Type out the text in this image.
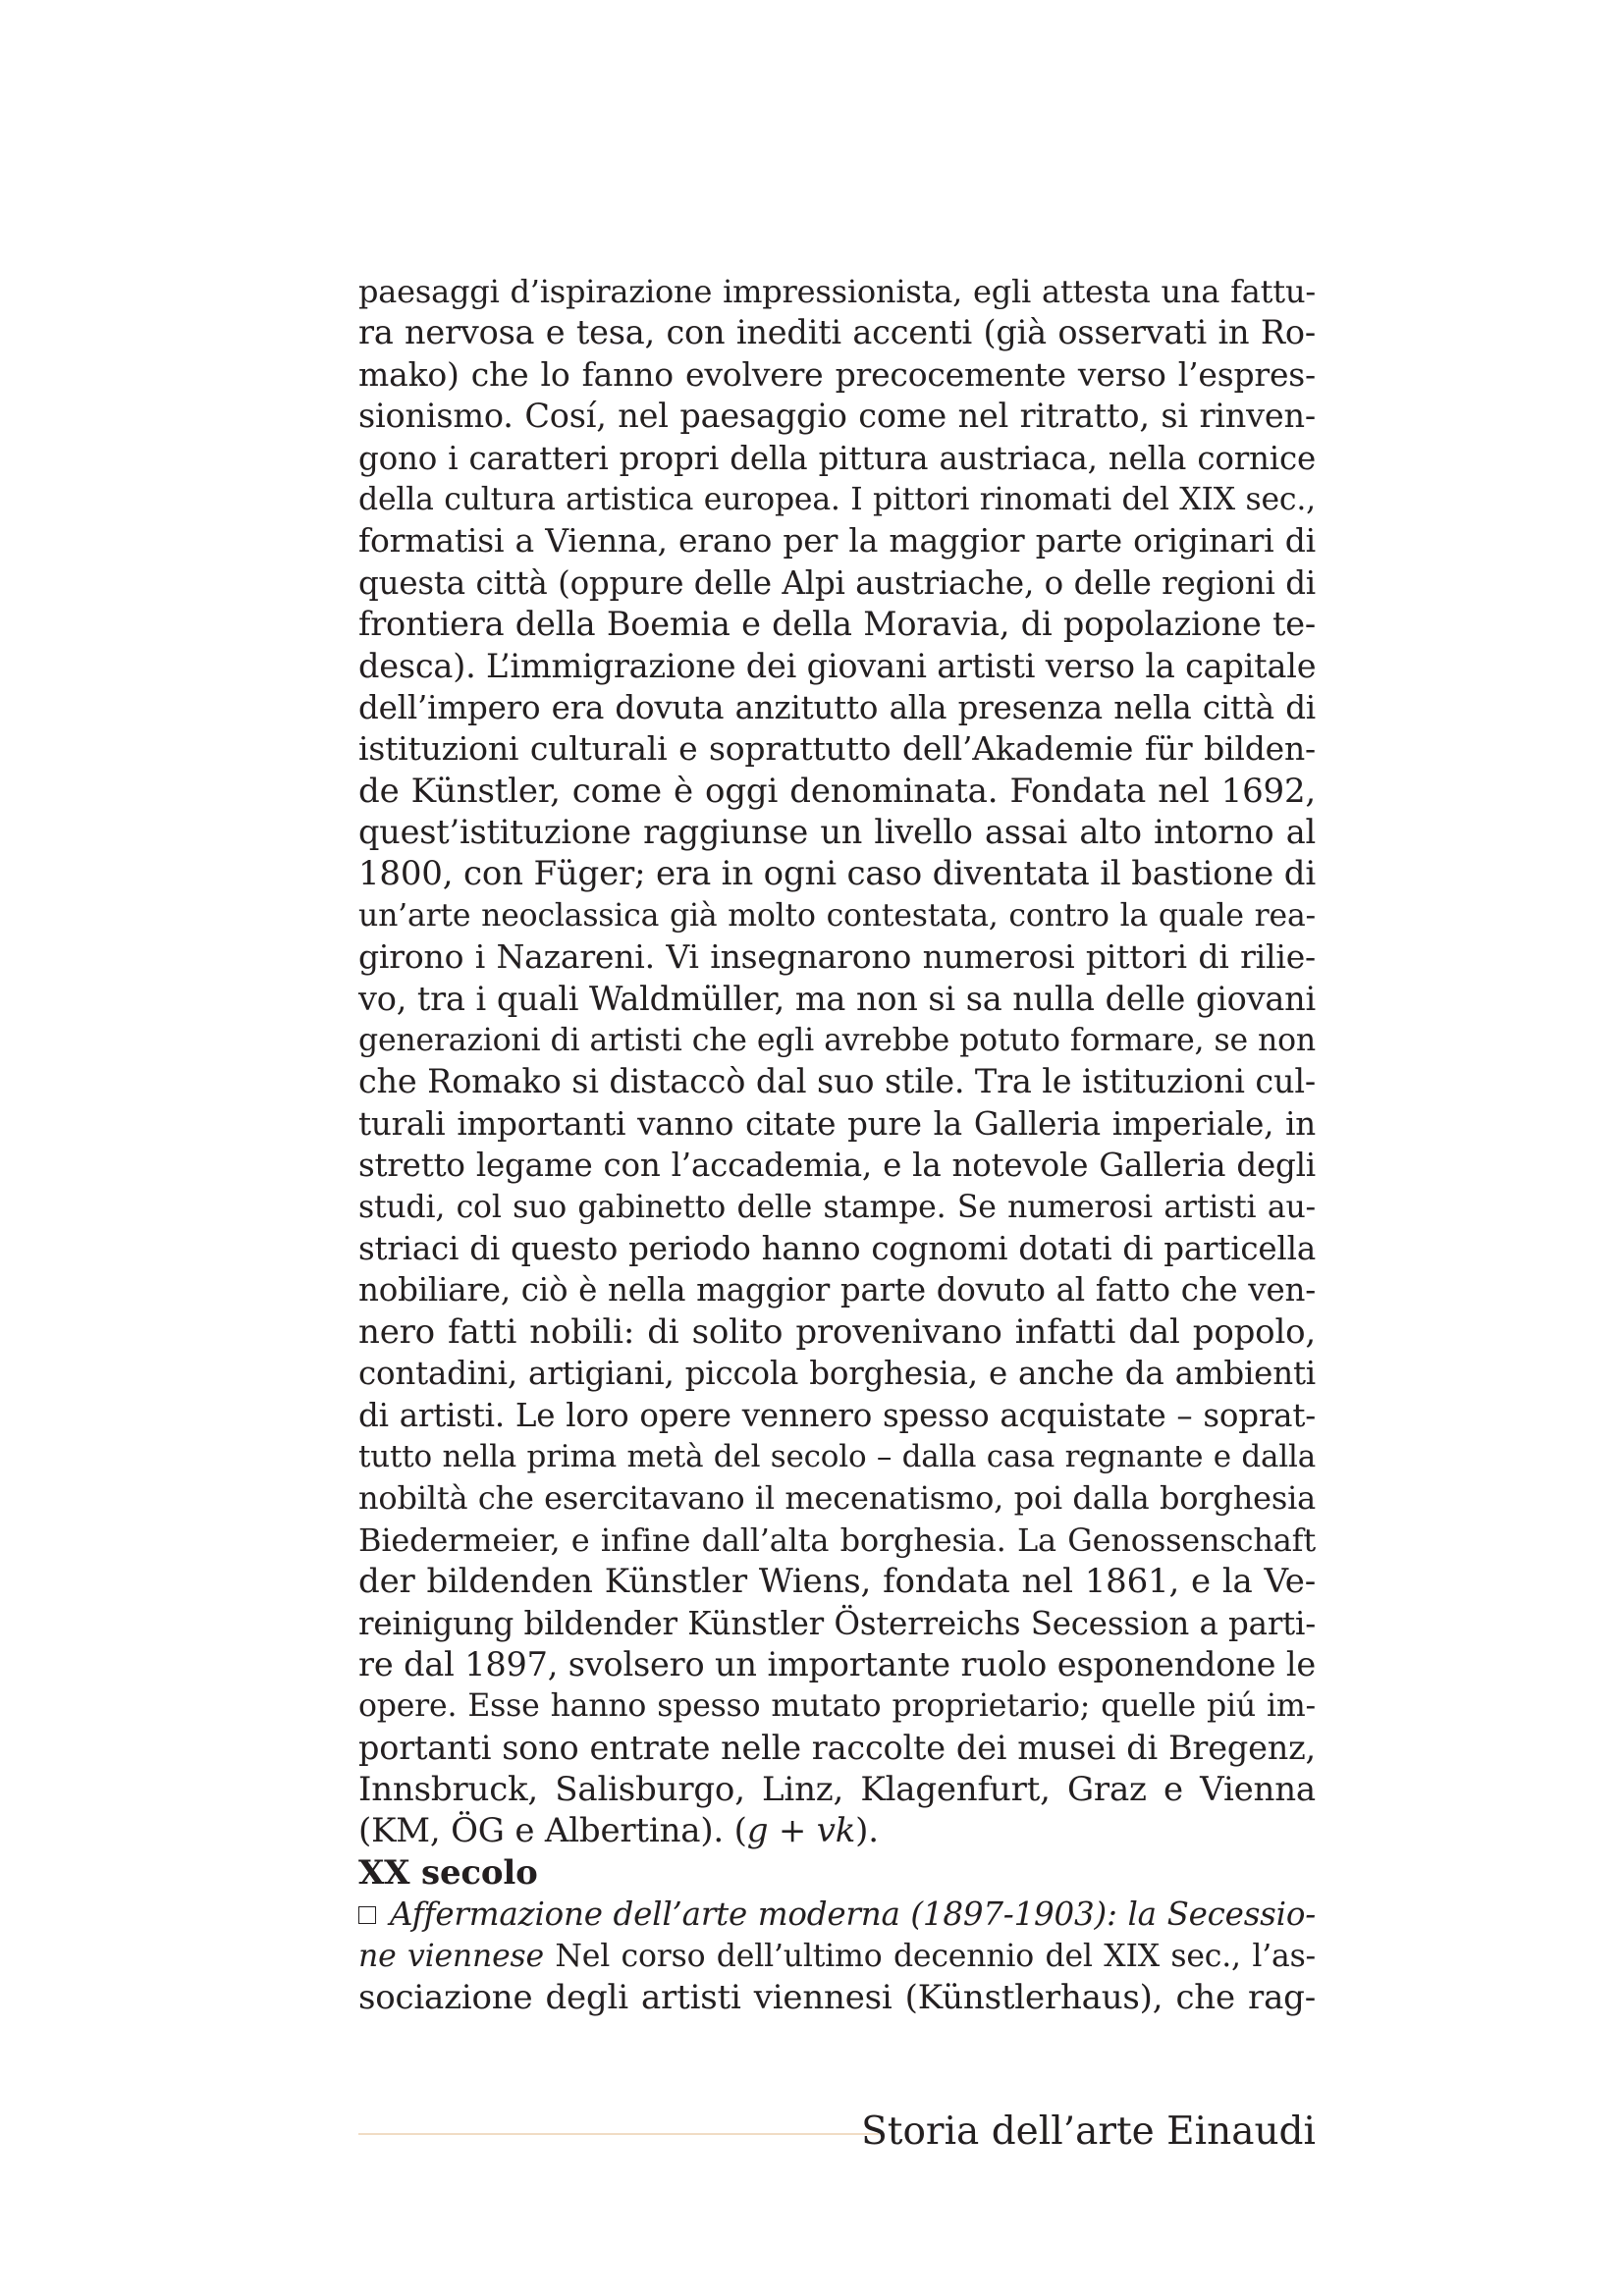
paesaggi d’ispirazione impressionista, egli attesta una fattu-
ra nervosa e tesa, con inediti accenti (già osservati in Ro-
mako) che lo fanno evolvere precocemente verso l’espres-
sionismo. Cosí, nel paesaggio come nel ritratto, si rinven-
gono i caratteri propri della pittura austriaca, nella cornice
della cultura artistica europea. I pittori rinomati del XIX sec.,
formatisi a Vienna, erano per la maggior parte originari di
questa città (oppure delle Alpi austriache, o delle regioni di
frontiera della Boemia e della Moravia, di popolazione te-
desca). L’immigrazione dei giovani artisti verso la capitale
dell’impero era dovuta anzitutto alla presenza nella città di
istituzioni culturali e soprattutto dell’Akademie für bilden-
de Künstler, come è oggi denominata. Fondata nel 1692,
quest’istituzione raggiunse un livello assai alto intorno al
1800, con Füger; era in ogni caso diventata il bastione di
un’arte neoclassica già molto contestata, contro la quale rea-
girono i Nazareni. Vi insegnarono numerosi pittori di rilie-
vo, tra i quali Waldmüller, ma non si sa nulla delle giovani
generazioni di artisti che egli avrebbe potuto formare, se non
che Romako si distaccò dal suo stile. Tra le istituzioni cul-
turali importanti vanno citate pure la Galleria imperiale, in
stretto legame con l’accademia, e la notevole Galleria degli
studi, col suo gabinetto delle stampe. Se numerosi artisti au-
striaci di questo periodo hanno cognomi dotati di particella
nobiliare, ciò è nella maggior parte dovuto al fatto che ven-
nero fatti nobili: di solito provenivano infatti dal popolo,
contadini, artigiani, piccola borghesia, e anche da ambienti
di artisti. Le loro opere vennero spesso acquistate – soprat-
tutto nella prima metà del secolo – dalla casa regnante e dalla
nobiltà che esercitavano il mecenatismo, poi dalla borghesia
Biedermeier, e infine dall’alta borghesia. La Genossenschaft
der bildenden Künstler Wiens, fondata nel 1861, e la Ve-
reinigung bildender Künstler Österreichs Secession a parti-
re dal 1897, svolsero un importante ruolo esponendone le
opere. Esse hanno spesso mutato proprietario; quelle piú im-
portanti sono entrate nelle raccolte dei musei di Bregenz,
Innsbruck, Salisburgo, Linz, Klagenfurt, Graz e Vienna
(KM, ÖG e Albertina). (g + vk).
XX secolo
Affermazione dell’arte moderna (1897-1903): la Secessio-
ne viennese Nel corso dell’ultimo decennio del XIX sec., l’as-
sociazione degli artisti viennesi (Künstlerhaus), che rag-
Storia dell’arte Einaudi
